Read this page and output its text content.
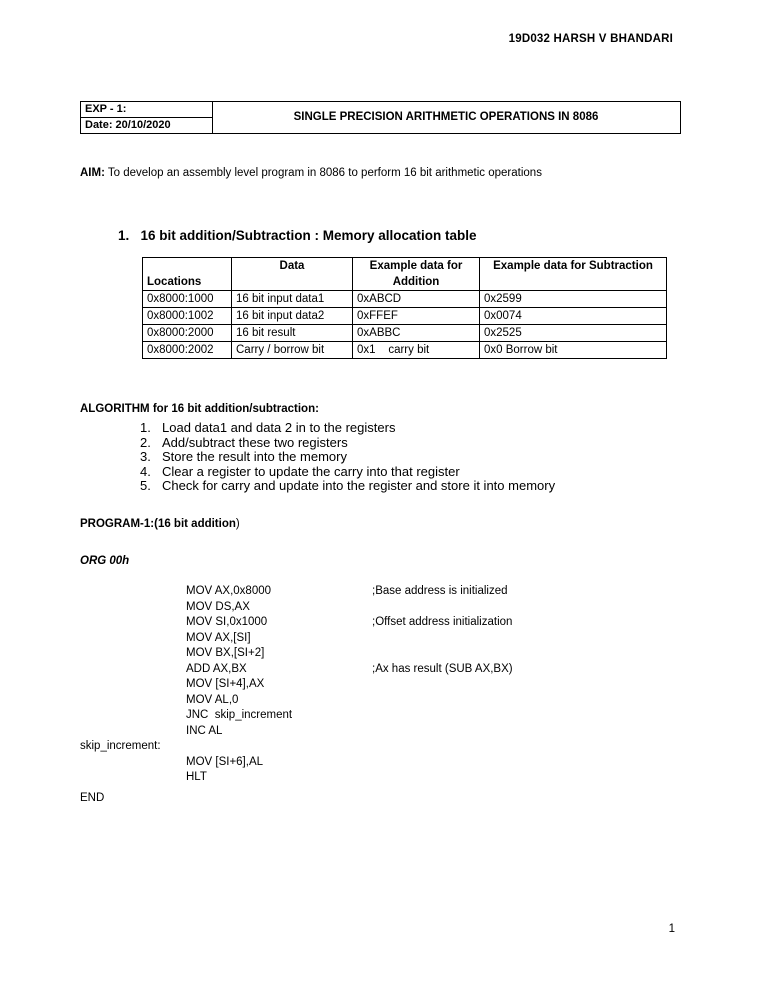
19D032 HARSH V BHANDARI
EXP - 1:
Date: 20/10/2020
SINGLE PRECISION ARITHMETIC OPERATIONS IN 8086
AIM: To develop an assembly level program in 8086 to perform 16 bit arithmetic operations
1.   16 bit addition/Subtraction : Memory allocation table
Locations	Data	Example data for Addition	Example data for Subtraction
0x8000:1000	16 bit input data1	0xABCD	0x2599
0x8000:1002	16 bit input data2	0xFFEF	0x0074
0x8000:2000	16 bit result	0xABBC	0x2525
0x8000:2002	Carry / borrow bit	0x1    carry bit	0x0 Borrow bit
ALGORITHM for 16 bit addition/subtraction:
1. Load data1 and data 2 in to the registers
2. Add/subtract these two registers
3. Store the result into the memory
4. Clear a register to update the carry into that register
5. Check for carry and update into the register and store it into memory
PROGRAM-1:(16 bit addition)
ORG 00h
MOV AX,0x8000	;Base address is initialized
MOV DS,AX
MOV SI,0x1000	;Offset address initialization
MOV AX,[SI]
MOV BX,[SI+2]
ADD AX,BX	;Ax has result (SUB AX,BX)
MOV [SI+4],AX
MOV AL,0
JNC  skip_increment
INC AL
skip_increment:
MOV [SI+6],AL
HLT
END
1
